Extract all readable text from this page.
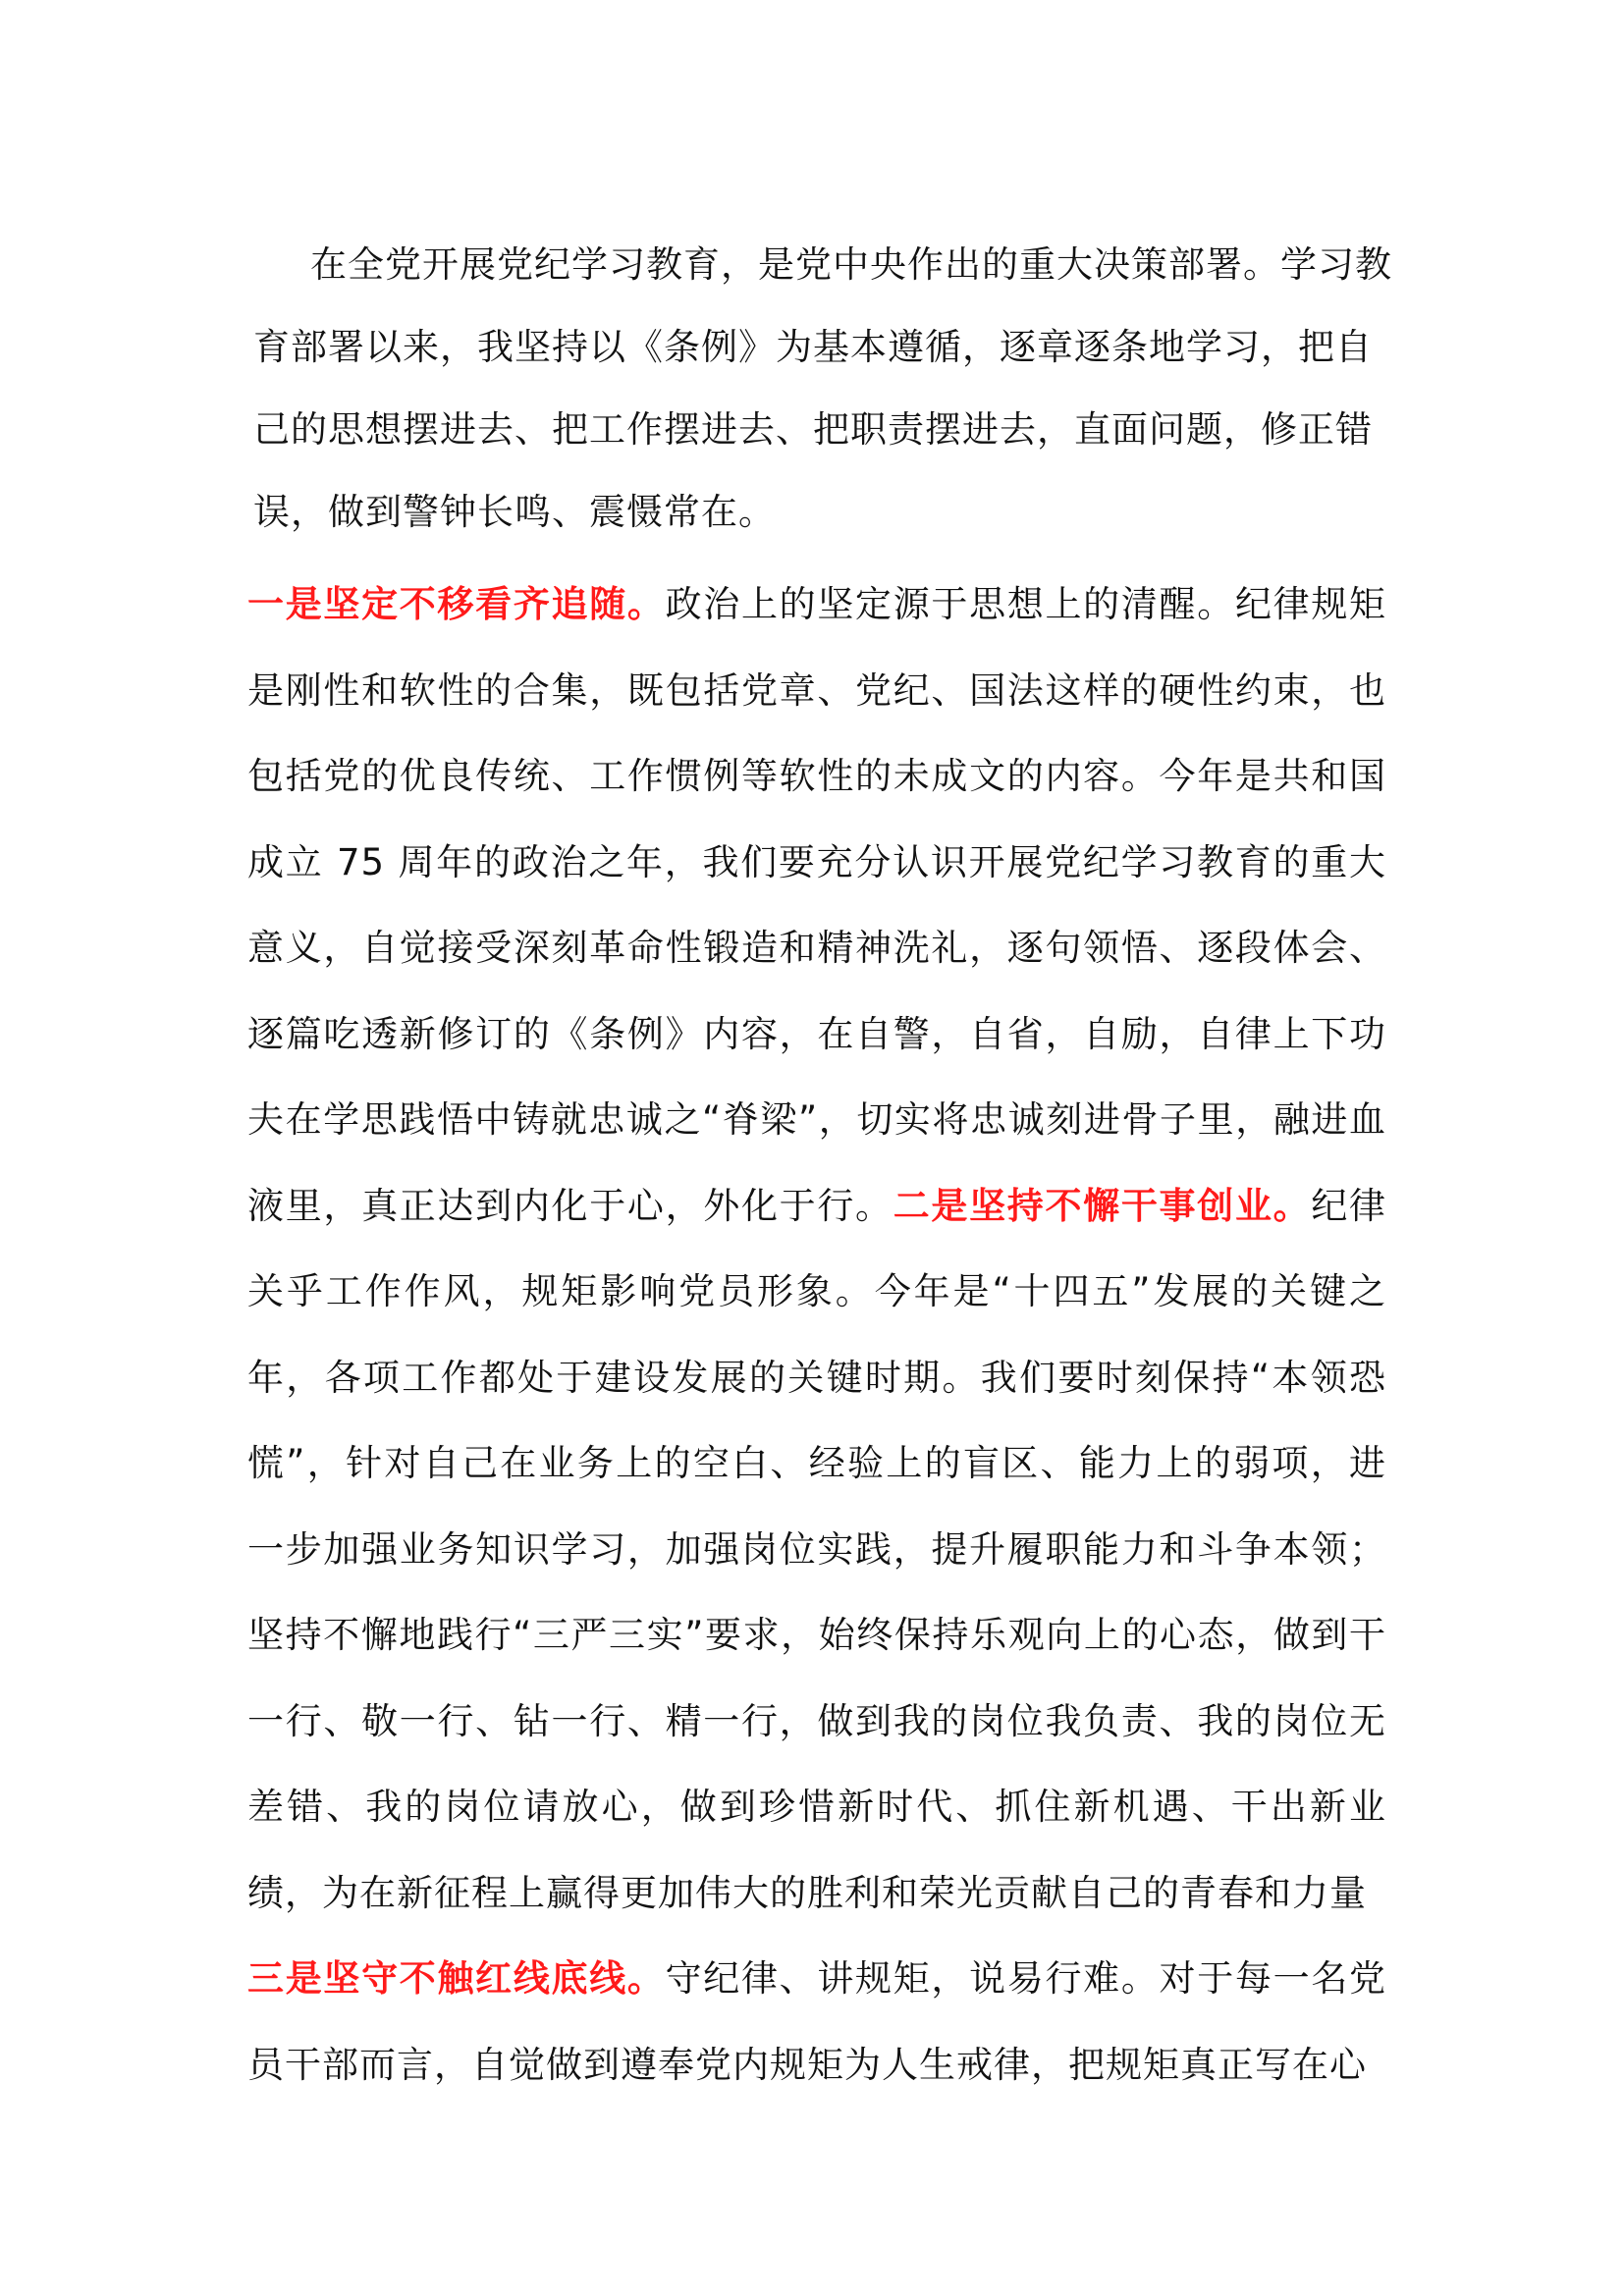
在全党开展党纪学习教育，是党中央作出的重大决策部署。学习教育部署以来，我坚持以《条例》为基本遵循，逐章逐条地学习，把自己的思想摆进去、把工作摆进去、把职责摆进去，直面问题，修正错误，做到警钟长鸣、震慑常在。
一是坚定不移看齐追随。政治上的坚定源于思想上的清醒。纪律规矩是刚性和软性的合集，既包括党章、党纪、国法这样的硬性约束，也包括党的优良传统、工作惯例等软性的未成文的内容。今年是共和国成立 75 周年的政治之年，我们要充分认识开展党纪学习教育的重大意义，自觉接受深刻革命性锻造和精神洗礼，逐句领悟、逐段体会、逐篇吃透新修订的《条例》内容，在自警，自省，自励，自律上下功夫在学思践悟中铸就忠诚之“脊梁”，切实将忠诚刻进骨子里，融进血液里，真正达到内化于心，外化于行。二是坚持不懈干事创业。纪律关乎工作作风，规矩影响党员形象。今年是“十四五”发展的关键之年，各项工作都处于建设发展的关键时期。我们要时刻保持“本领恐慌”，针对自己在业务上的空白、经验上的盲区、能力上的弱项，进一步加强业务知识学习，加强岗位实践，提升履职能力和斗争本领；坚持不懈地践行“三严三实”要求，始终保持乐观向上的心态，做到干一行、敬一行、钻一行、精一行，做到我的岗位我负责、我的岗位无差错、我的岗位请放心，做到珍惜新时代、抓住新机遇、干出新业绩，为在新征程上赢得更加伟大的胜利和荣光贡献自己的青春和力量
三是坚守不触红线底线。守纪律、讲规矩，说易行难。对于每一名党员干部而言，自觉做到遵奉党内规矩为人生戒律，把规矩真正写在心
